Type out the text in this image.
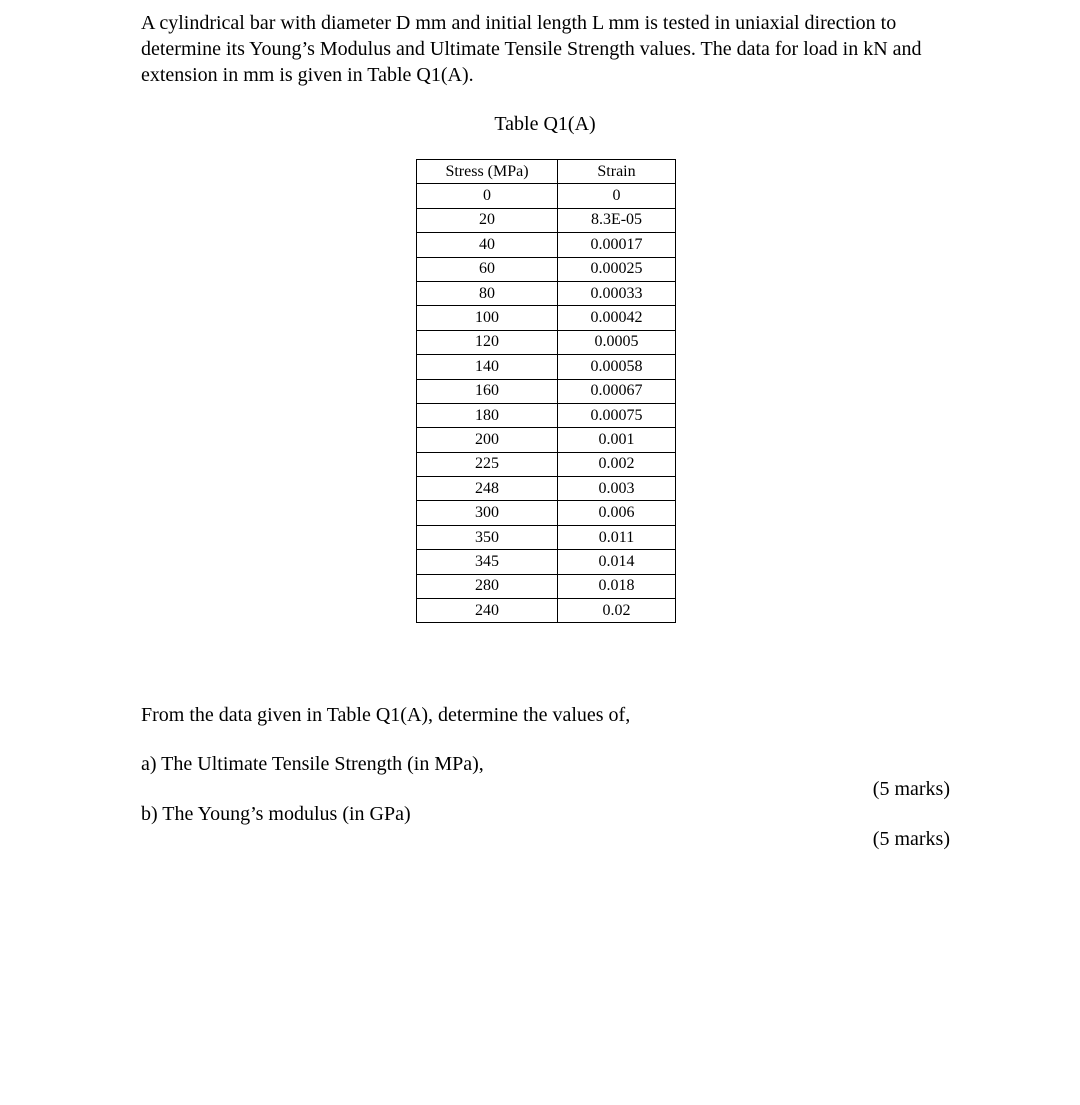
A cylindrical bar with diameter D mm and initial length L mm is tested in uniaxial direction to determine its Young’s Modulus and Ultimate Tensile Strength values. The data for load in kN and extension in mm is given in Table Q1(A).

Table Q1(A)

Stress (MPa)	Strain
0	0
20	8.3E-05
40	0.00017
60	0.00025
80	0.00033
100	0.00042
120	0.0005
140	0.00058
160	0.00067
180	0.00075
200	0.001
225	0.002
248	0.003
300	0.006
350	0.011
345	0.014
280	0.018
240	0.02

From the data given in Table Q1(A), determine the values of,

a) The Ultimate Tensile Strength (in MPa),

(5 marks)

b) The Young’s modulus (in GPa)

(5 marks)
